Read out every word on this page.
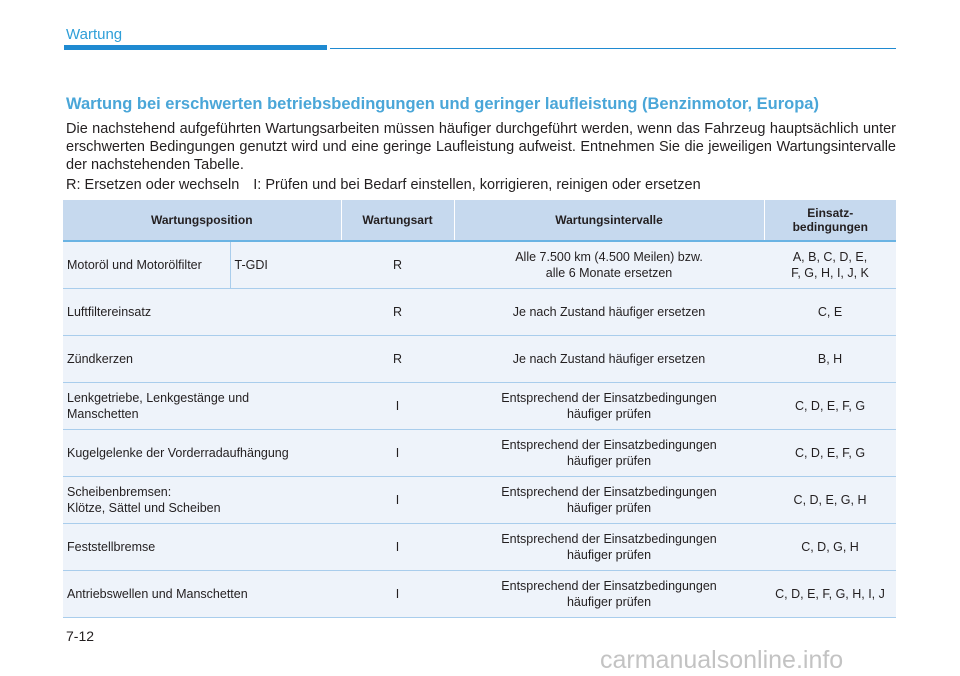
Wartung
Wartung bei erschwerten betriebsbedingungen und geringer laufleistung (Benzinmotor, Europa)
Die nachstehend aufgeführten Wartungsarbeiten müssen häufiger durchgeführt werden, wenn das Fahrzeug hauptsächlich unter erschwerten Bedingungen genutzt wird und eine geringe Laufleistung aufweist. Entnehmen Sie die jeweiligen Wartungsintervalle der nachstehenden Tabelle.
R: Ersetzen oder wechseln I: Prüfen und bei Bedarf einstellen, korrigieren, reinigen oder ersetzen
Wartungsposition		Wartungsart	Wartungsintervalle	Einsatz-
bedingungen
Motoröl und Motorölfilter	T-GDI	R	Alle 7.500 km (4.500 Meilen) bzw.
alle 6 Monate ersetzen	A, B, C, D, E,
F, G, H, I, J, K
Luftfiltereinsatz		R	Je nach Zustand häufiger ersetzen	C, E
Zündkerzen		R	Je nach Zustand häufiger ersetzen	B, H
Lenkgetriebe, Lenkgestänge und
Manschetten		I	Entsprechend der Einsatzbedingungen
häufiger prüfen	C, D, E, F, G
Kugelgelenke der Vorderradaufhängung		I	Entsprechend der Einsatzbedingungen
häufiger prüfen	C, D, E, F, G
Scheibenbremsen:
Klötze, Sättel und Scheiben		I	Entsprechend der Einsatzbedingungen
häufiger prüfen	C, D, E, G, H
Feststellbremse		I	Entsprechend der Einsatzbedingungen
häufiger prüfen	C, D, G, H
Antriebswellen und Manschetten		I	Entsprechend der Einsatzbedingungen
häufiger prüfen	C, D, E, F, G, H, I, J
7-12
carmanualsonline.info
